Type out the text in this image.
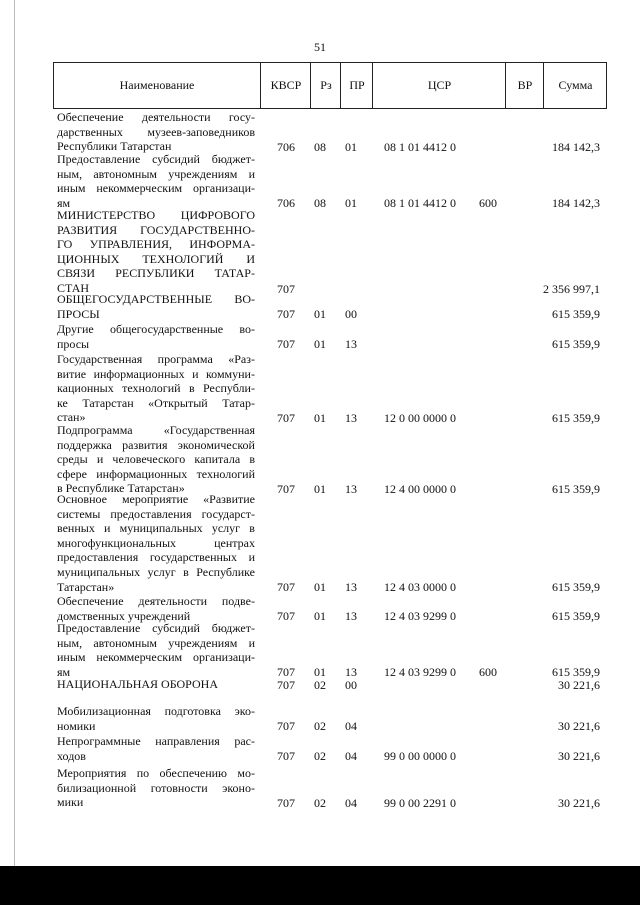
51
Наименование	КВСР	Рз	ПР	ЦСР	ВР	Сумма
Обеспечение деятельности госу-
дарственных музеев-заповедников
Республики Татарстан	706	08	01	08 1 01 4412 0	184 142,3
Предоставление субсидий бюджет-
ным, автономным учреждениям и
иным некоммерческим организаци-
ям	706	08	01	08 1 01 4412 0	600	184 142,3
МИНИСТЕРСТВО ЦИФРОВОГО
РАЗВИТИЯ ГОСУДАРСТВЕННО-
ГО УПРАВЛЕНИЯ, ИНФОРМА-
ЦИОННЫХ ТЕХНОЛОГИЙ И
СВЯЗИ РЕСПУБЛИКИ ТАТАР-
СТАН	707	2 356 997,1
ОБЩЕГОСУДАРСТВЕННЫЕ ВО-
ПРОСЫ	707	01	00	615 359,9
Другие общегосударственные во-
просы	707	01	13	615 359,9
Государственная программа «Раз-
витие информационных и коммуни-
кационных технологий в Республи-
ке Татарстан «Открытый Татар-
стан»	707	01	13	12 0 00 0000 0	615 359,9
Подпрограмма	«Государственная
поддержка развития экономической
среды и человеческого капитала в
сфере информационных технологий
в Республике Татарстан»	707	01	13	12 4 00 0000 0	615 359,9
Основное мероприятие «Развитие
системы предоставления государст-
венных и муниципальных услуг в
многофункциональных	центрах
предоставления государственных и
муниципальных услуг в Республике
Татарстан»	707	01	13	12 4 03 0000 0	615 359,9
Обеспечение деятельности подве-
домственных учреждений	707	01	13	12 4 03 9299 0	615 359,9
Предоставление субсидий бюджет-
ным, автономным учреждениям и
иным некоммерческим организаци-
ям	707	01	13	12 4 03 9299 0	600	615 359,9
НАЦИОНАЛЬНАЯ ОБОРОНА	707	02	00	30 221,6
Мобилизационная подготовка эко-
номики	707	02	04	30 221,6
Непрограммные направления рас-
ходов	707	02	04	99 0 00 0000 0	30 221,6
Мероприятия по обеспечению мо-
билизационной готовности эконо-
мики	707	02	04	99 0 00 2291 0	30 221,6
